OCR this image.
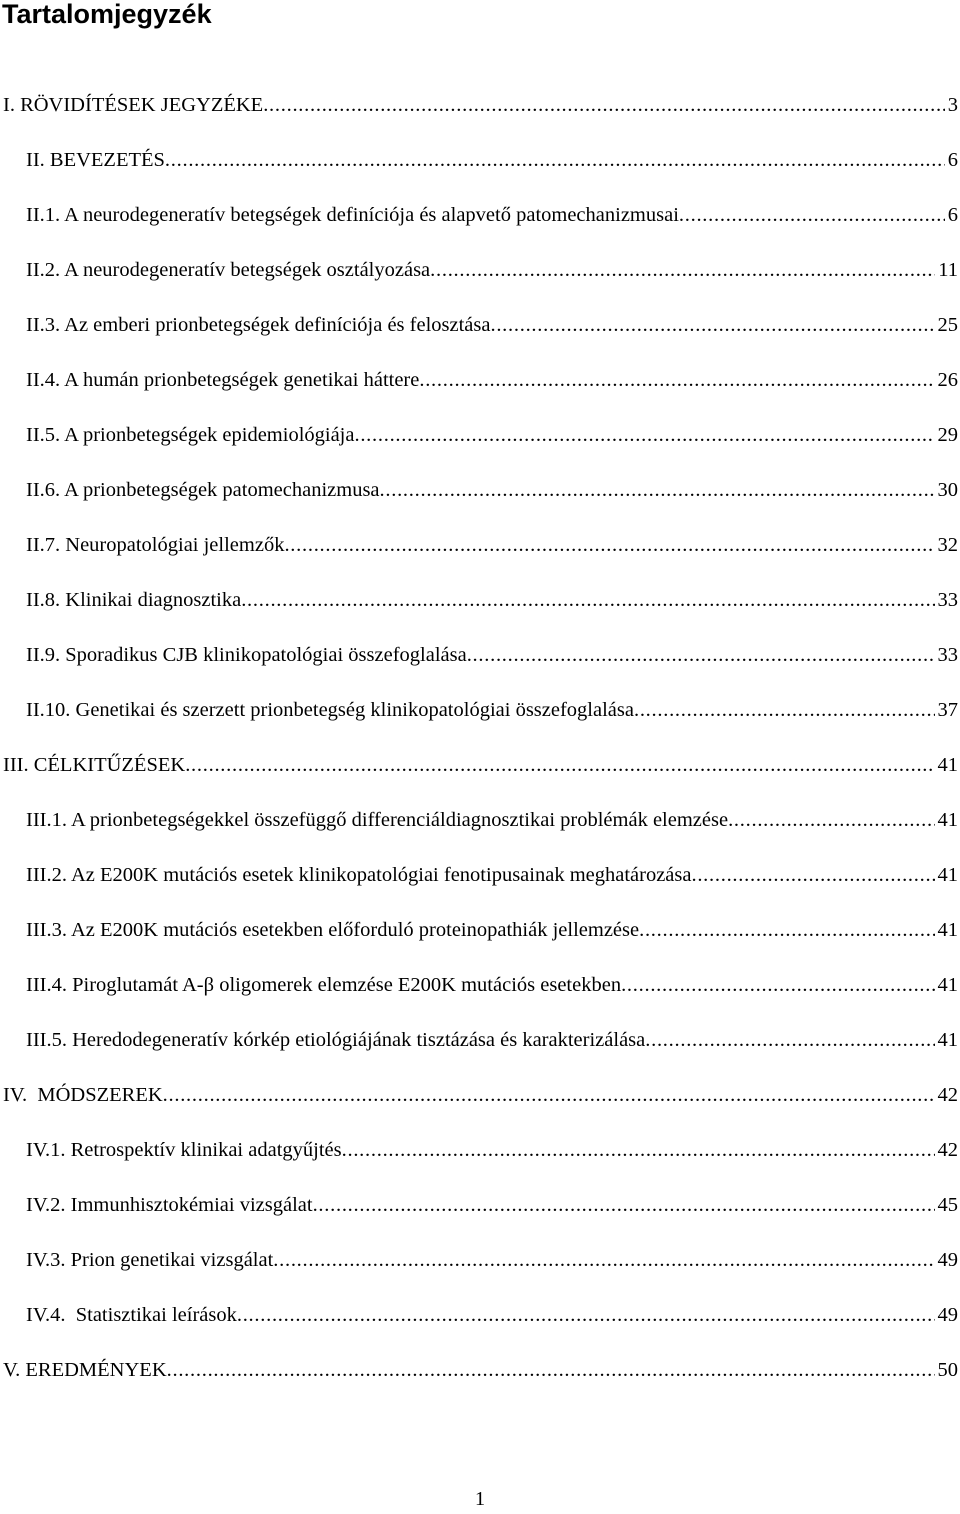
Tartalomjegyzék
I. RÖVIDÍTÉSEK JEGYZÉKE . . .	3
II. BEVEZETÉS . . .	6
II.1. A neurodegeneratív betegségek definíciója és alapvető patomechanizmusai . . .	6
II.2. A neurodegeneratív betegségek osztályozása . . .	11
II.3. Az emberi prionbetegségek definíciója és felosztása . . .	25
II.4. A humán prionbetegségek genetikai háttere . . .	26
II.5. A prionbetegségek epidemiológiája . . .	29
II.6. A prionbetegségek patomechanizmusa . . .	30
II.7. Neuropatológiai jellemzők . . .	32
II.8. Klinikai diagnosztika . . .	33
II.9. Sporadikus CJB klinikopatológiai összefoglalása . . .	33
II.10. Genetikai és szerzett prionbetegség klinikopatológiai összefoglalása . . .	37
III. CÉLKITŰZÉSEK . . .	41
III.1. A prionbetegségekkel összefüggő differenciáldiagnosztikai problémák elemzése . . .	41
III.2. Az E200K mutációs esetek klinikopatológiai fenotipusainak meghatározása . . .	41
III.3. Az E200K mutációs esetekben előforduló proteinopathiák jellemzése . . .	41
III.4. Piroglutamát A-β oligomerek elemzése E200K mutációs esetekben . . .	41
III.5. Heredodegeneratív kórkép etiológiájának tisztázása és karakterizálása . . .	41
IV.  MÓDSZEREK . . .	42
IV.1. Retrospektív klinikai adatgyűjtés . . .	42
IV.2. Immunhisztokémiai vizsgálat . . .	45
IV.3. Prion genetikai vizsgálat . . .	49
IV.4.  Statisztikai leírások . . .	49
V. EREDMÉNYEK . . .	50
1
